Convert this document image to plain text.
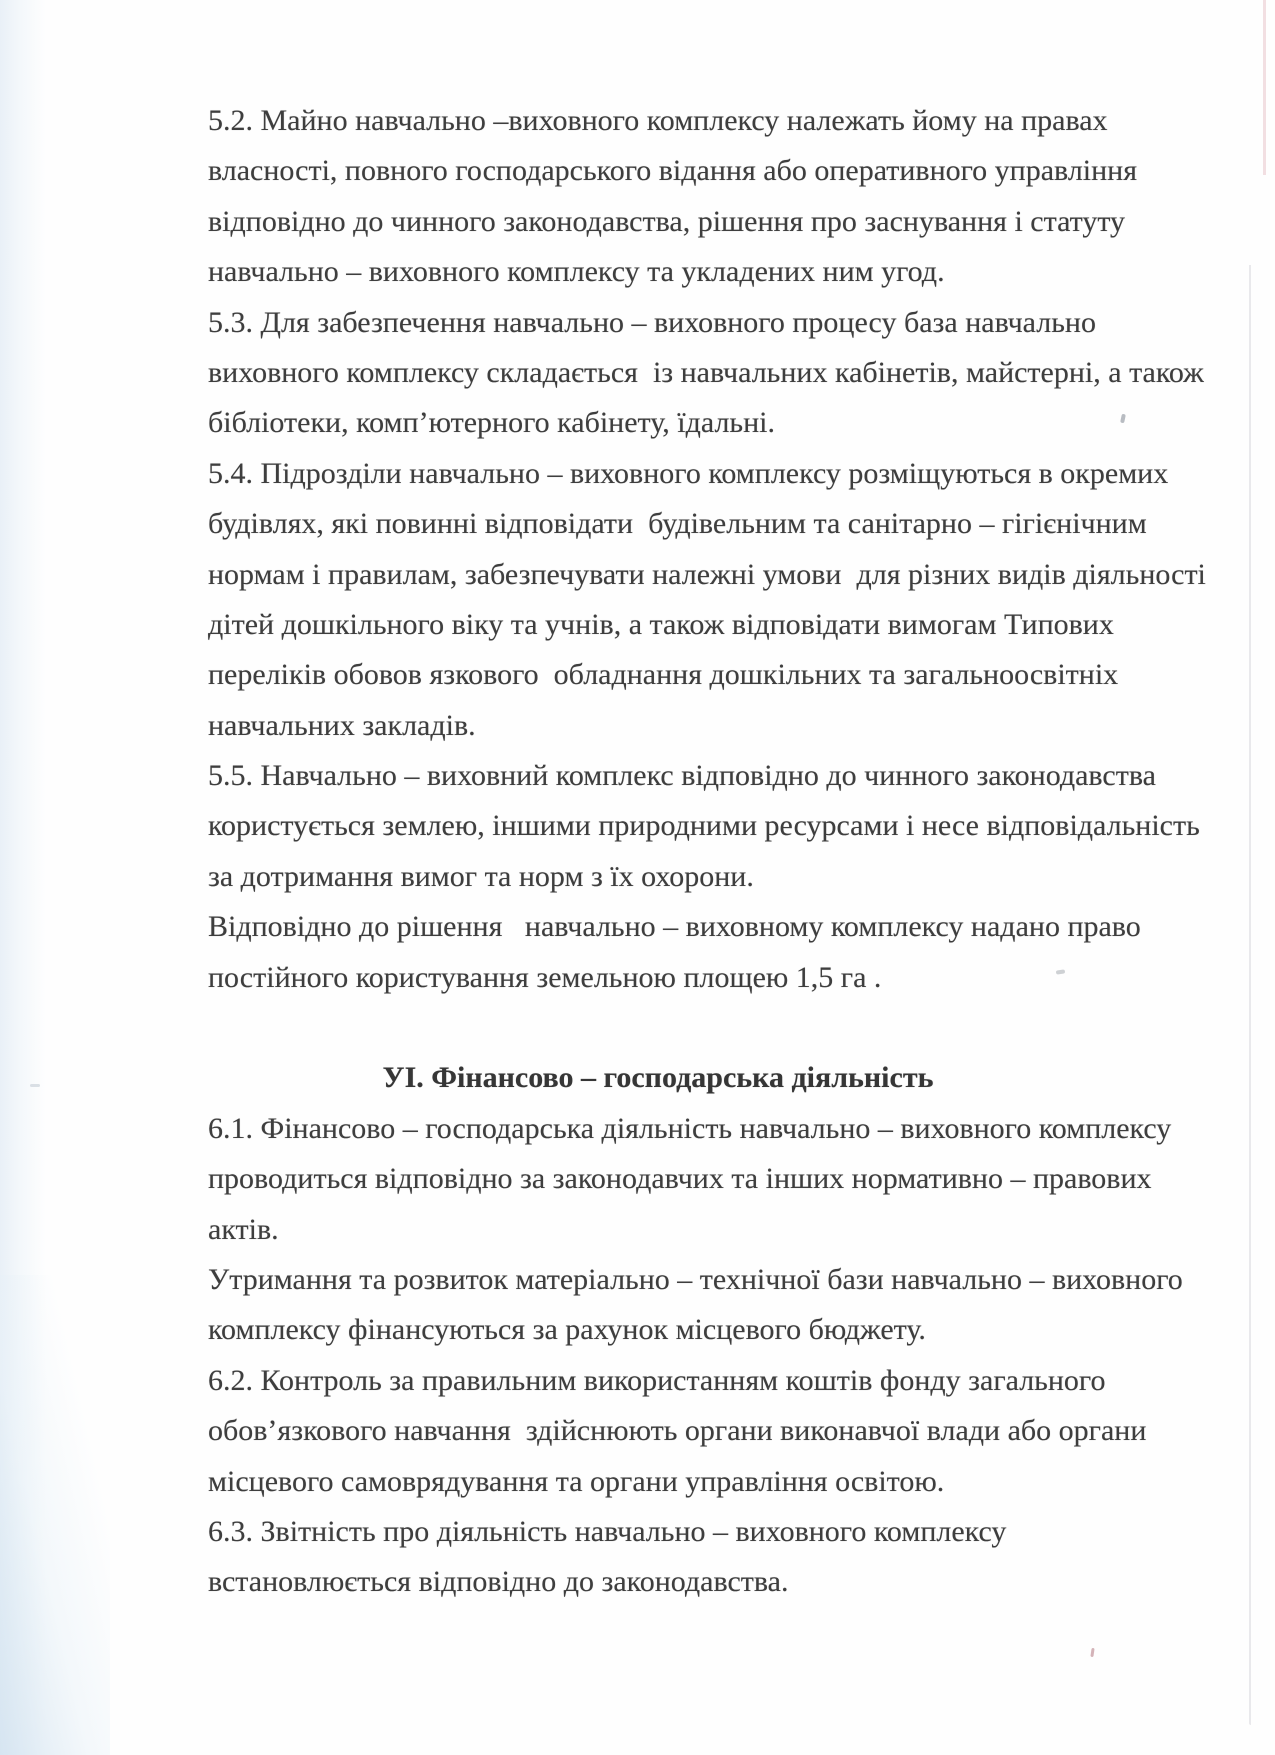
5.2. Майно навчально –виховного комплексу належать йому на правах
власності, повного господарського відання або оперативного управління
відповідно до чинного законодавства, рішення про заснування і статуту
навчально – виховного комплексу та укладених ним угод.
5.3. Для забезпечення навчально – виховного процесу база навчально
виховного комплексу складається  із навчальних кабінетів, майстерні, а також
бібліотеки, комп’ютерного кабінету, їдальні.
5.4. Підрозділи навчально – виховного комплексу розміщуються в окремих
будівлях, які повинні відповідати  будівельним та санітарно – гігієнічним
нормам і правилам, забезпечувати належні умови  для різних видів діяльності
дітей дошкільного віку та учнів, а також відповідати вимогам Типових
переліків обовов язкового  обладнання дошкільних та загальноосвітніх
навчальних закладів.
5.5. Навчально – виховний комплекс відповідно до чинного законодавства
користується землею, іншими природними ресурсами і несе відповідальність
за дотримання вимог та норм з їх охорони.
Відповідно до рішення   навчально – виховному комплексу надано право
постійного користування земельною площею 1,5 га .
УІ. Фінансово – господарська діяльність
6.1. Фінансово – господарська діяльність навчально – виховного комплексу
проводиться відповідно за законодавчих та інших нормативно – правових
актів.
Утримання та розвиток матеріально – технічної бази навчально – виховного
комплексу фінансуються за рахунок місцевого бюджету.
6.2. Контроль за правильним використанням коштів фонду загального
обов’язкового навчання  здійснюють органи виконавчої влади або органи
місцевого самоврядування та органи управління освітою.
6.3. Звітність про діяльність навчально – виховного комплексу
встановлюється відповідно до законодавства.
